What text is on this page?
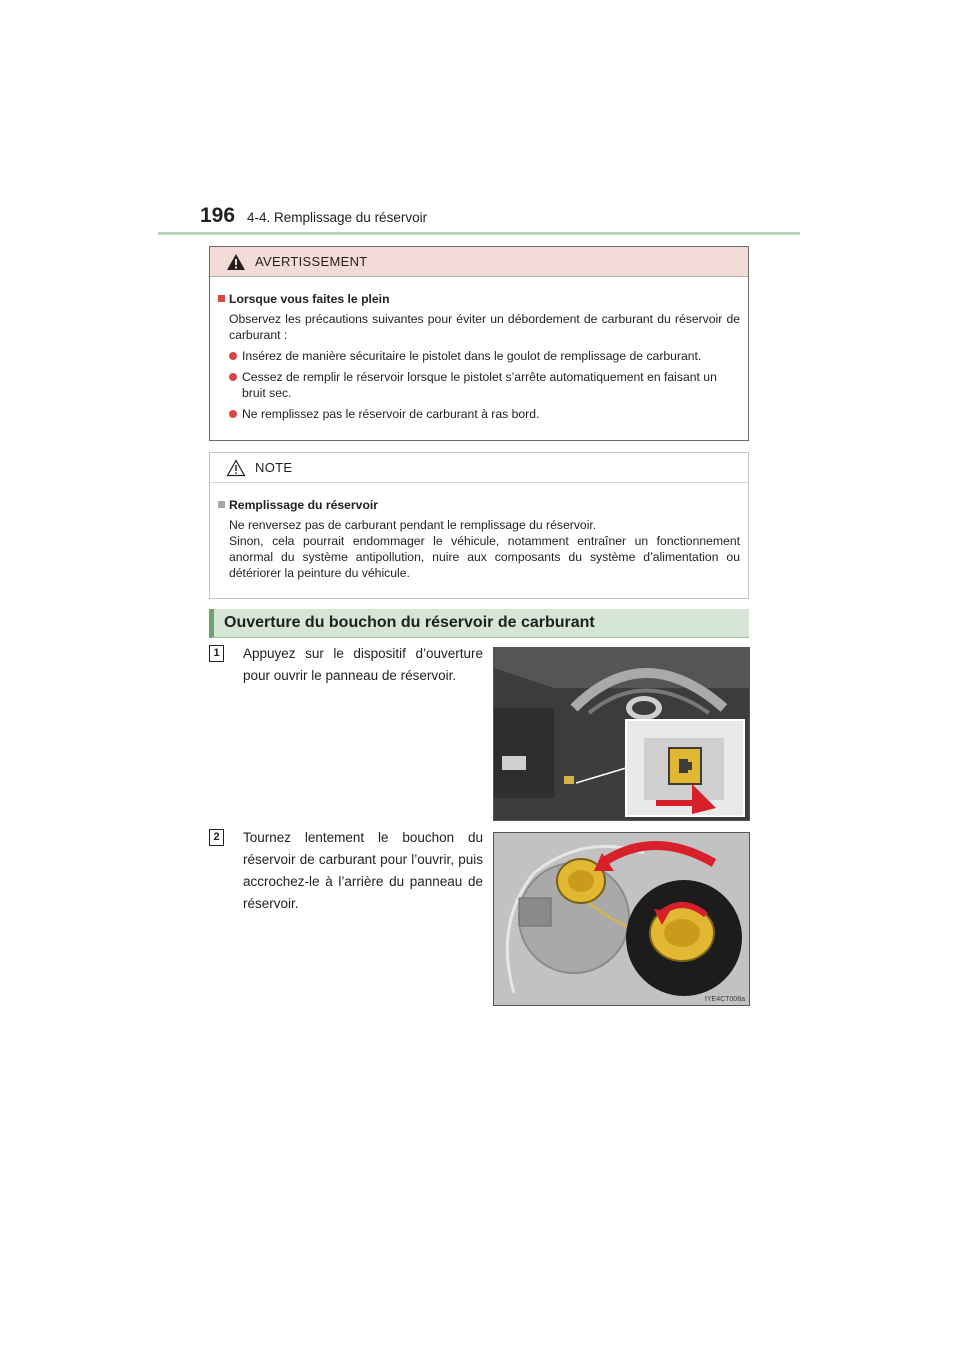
196 4-4. Remplissage du réservoir
AVERTISSEMENT
Lorsque vous faites le plein
Observez les précautions suivantes pour éviter un débordement de carburant du réservoir de carburant :
Insérez de manière sécuritaire le pistolet dans le goulot de remplissage de carburant.
Cessez de remplir le réservoir lorsque le pistolet s’arrête automatiquement en faisant un bruit sec.
Ne remplissez pas le réservoir de carburant à ras bord.
NOTE
Remplissage du réservoir
Ne renversez pas de carburant pendant le remplissage du réservoir.
Sinon, cela pourrait endommager le véhicule, notamment entraîner un fonctionnement anormal du système antipollution, nuire aux composants du système d’alimentation ou détériorer la peinture du véhicule.
Ouverture du bouchon du réservoir de carburant
1	Appuyez sur le dispositif d’ouverture pour ouvrir le panneau de réservoir.
IYE4CT007
2	Tournez lentement le bouchon du réservoir de carburant pour l’ouvrir, puis accrochez-le à l’arrière du panneau de réservoir.
IYE4CT008a
